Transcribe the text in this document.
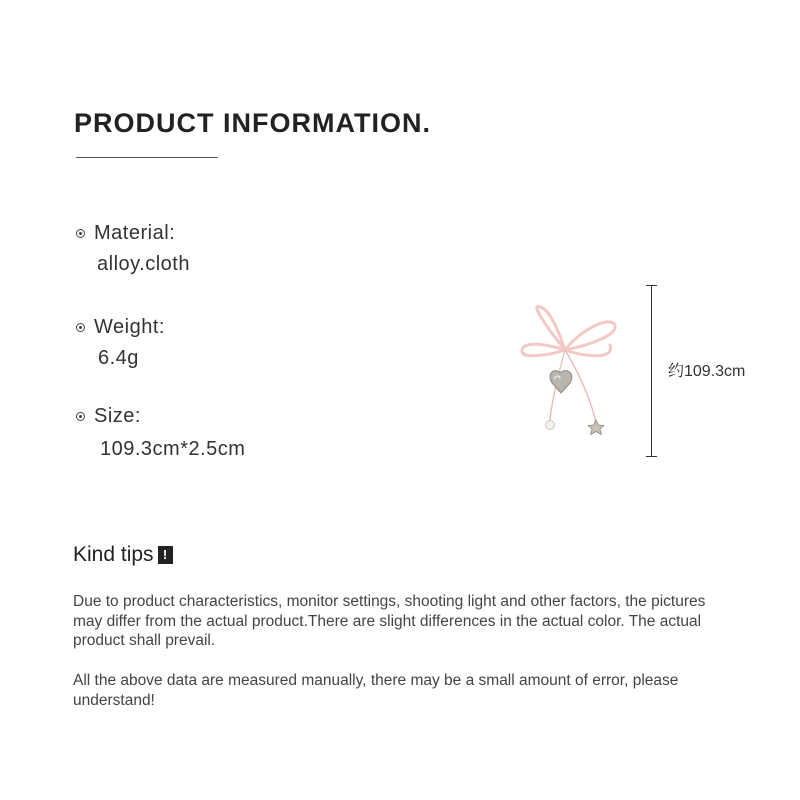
PRODUCT INFORMATION.
Material:
alloy.cloth
Weight:
6.4g
Size:
109.3cm*2.5cm
约109.3cm
Kind tips !

Due to product characteristics, monitor settings, shooting light and other factors, the pictures may differ from the actual product.There are slight differences in the actual color. The actual product shall prevail.

All the above data are measured manually, there may be a small amount of error, please understand!
